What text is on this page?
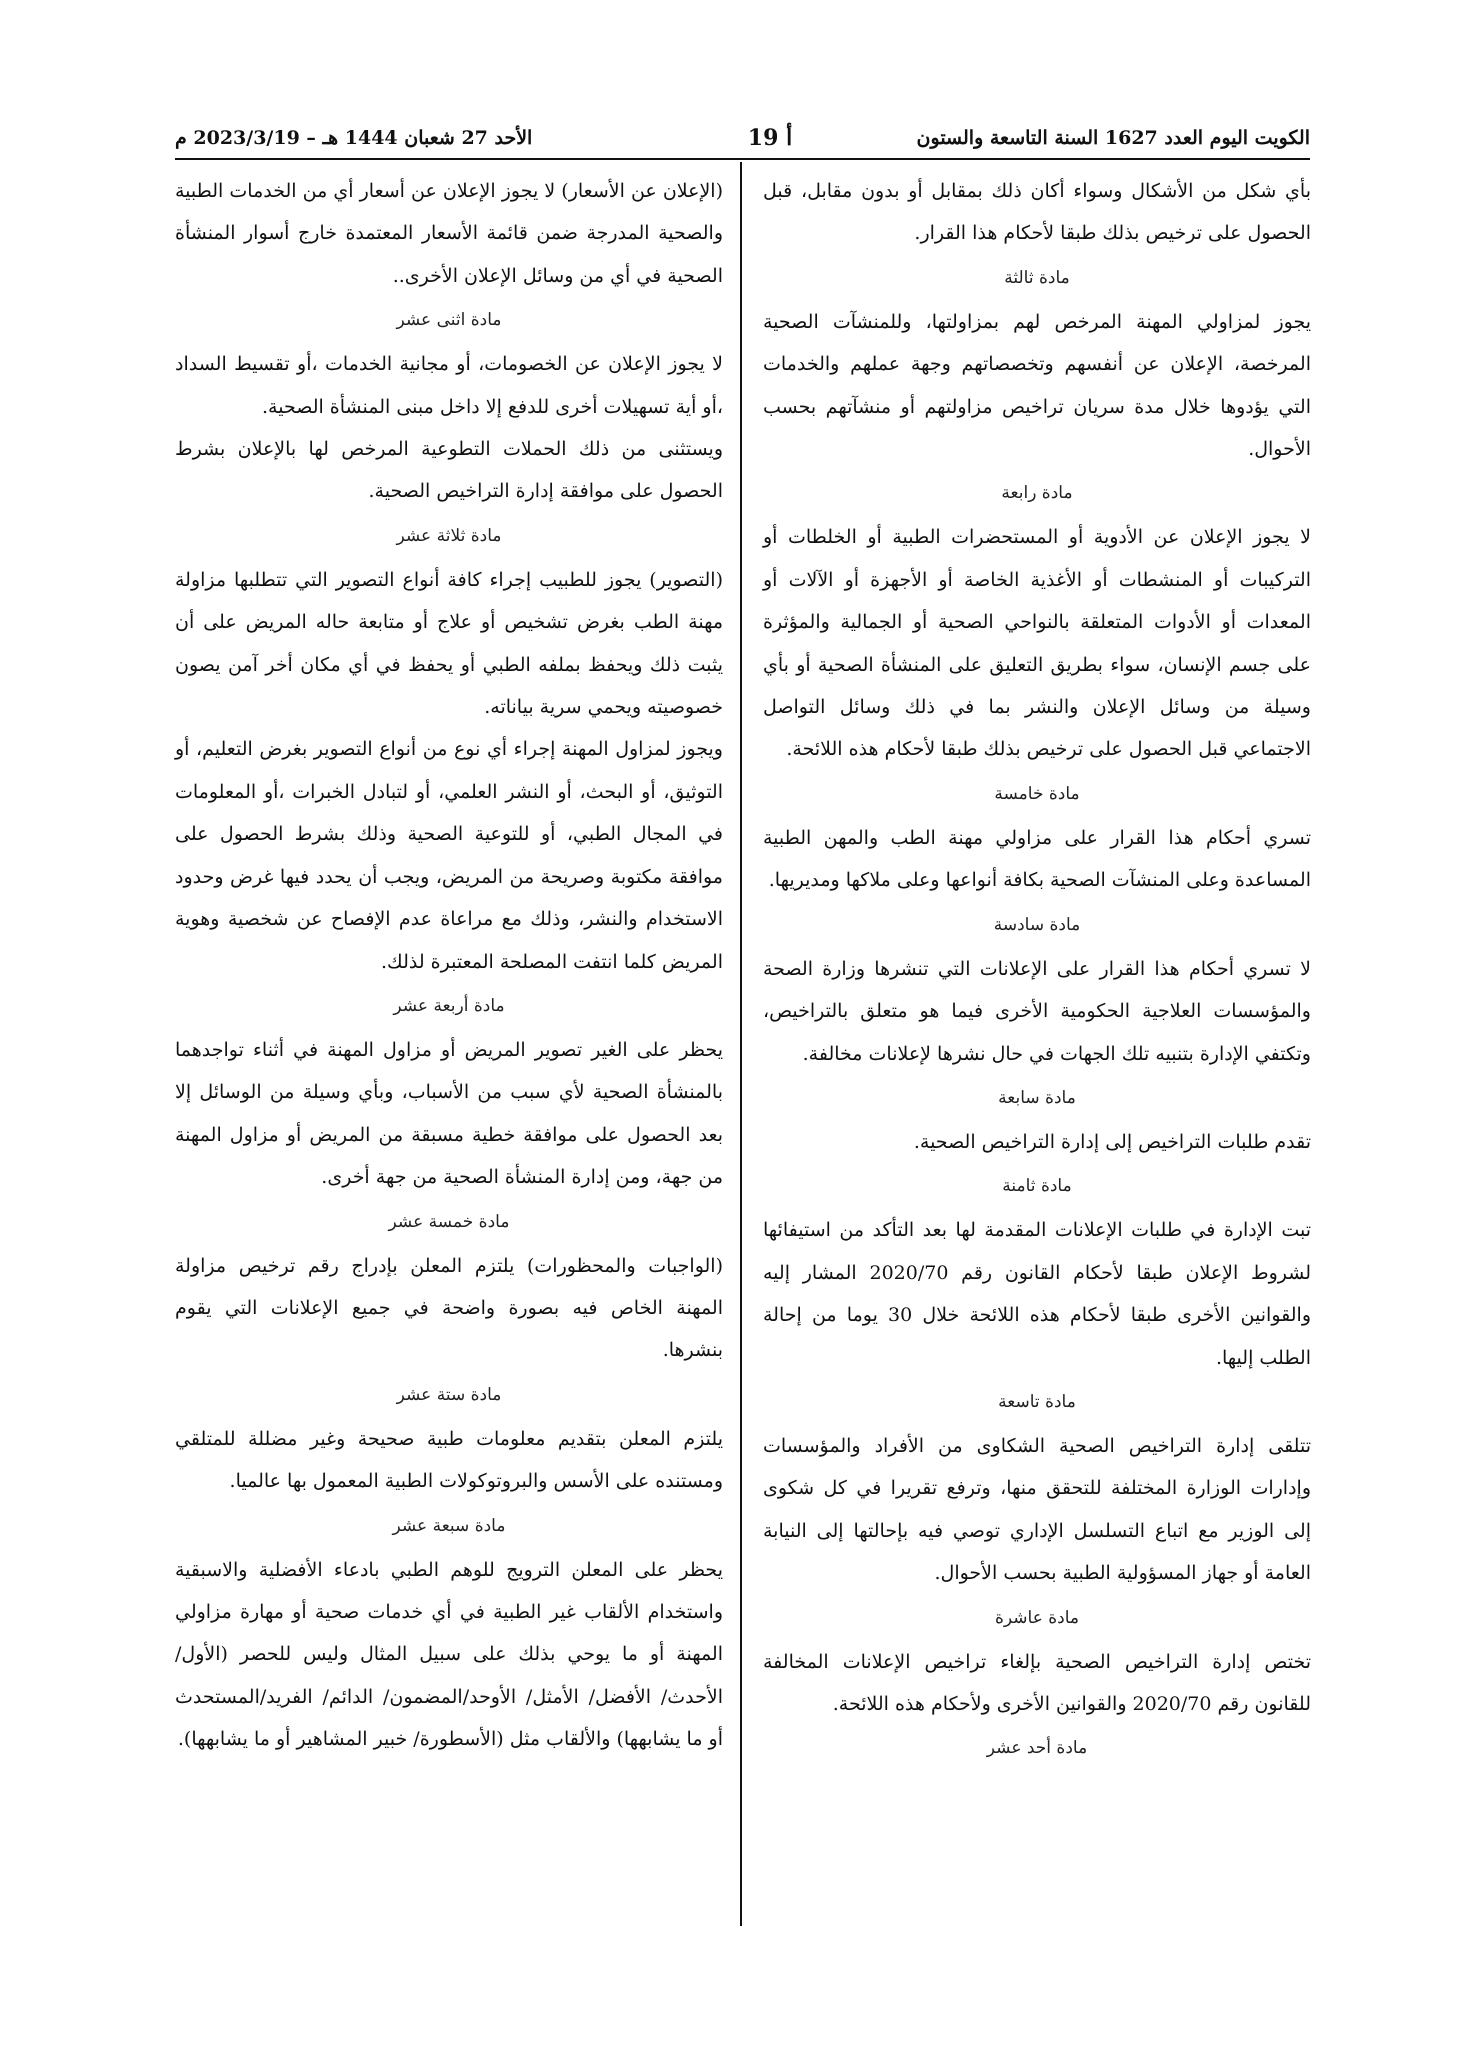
الكويت اليوم العدد 1627 السنة التاسعة والستون
أ 19
الأحد 27 شعبان 1444 هـ – 2023/3/19 م

بأي شكل من الأشكال وسواء أكان ذلك بمقابل أو بدون مقابل، قبل الحصول على ترخيص بذلك طبقا لأحكام هذا القرار.

مادة ثالثة

يجوز لمزاولي المهنة المرخص لهم بمزاولتها، وللمنشآت الصحية المرخصة، الإعلان عن أنفسهم وتخصصاتهم وجهة عملهم والخدمات التي يؤدوها خلال مدة سريان تراخيص مزاولتهم أو منشآتهم بحسب الأحوال.

مادة رابعة

لا يجوز الإعلان عن الأدوية أو المستحضرات الطبية أو الخلطات أو التركيبات أو المنشطات أو الأغذية الخاصة أو الأجهزة أو الآلات أو المعدات أو الأدوات المتعلقة بالنواحي الصحية أو الجمالية والمؤثرة على جسم الإنسان، سواء بطريق التعليق على المنشأة الصحية أو بأي وسيلة من وسائل الإعلان والنشر بما في ذلك وسائل التواصل الاجتماعي قبل الحصول على ترخيص بذلك طبقا لأحكام هذه اللائحة.

مادة خامسة

تسري أحكام هذا القرار على مزاولي مهنة الطب والمهن الطبية المساعدة وعلى المنشآت الصحية بكافة أنواعها وعلى ملاكها ومديريها.

مادة سادسة

لا تسري أحكام هذا القرار على الإعلانات التي تنشرها وزارة الصحة والمؤسسات العلاجية الحكومية الأخرى فيما هو متعلق بالتراخيص، وتكتفي الإدارة بتنبيه تلك الجهات في حال نشرها لإعلانات مخالفة.

مادة سابعة

تقدم طلبات التراخيص إلى إدارة التراخيص الصحية.

مادة ثامنة

تبت الإدارة في طلبات الإعلانات المقدمة لها بعد التأكد من استيفائها لشروط الإعلان طبقا لأحكام القانون رقم 2020/70 المشار إليه والقوانين الأخرى طبقا لأحكام هذه اللائحة خلال 30 يوما من إحالة الطلب إليها.

مادة تاسعة

تتلقى إدارة التراخيص الصحية الشكاوى من الأفراد والمؤسسات وإدارات الوزارة المختلفة للتحقق منها، وترفع تقريرا في كل شكوى إلى الوزير مع اتباع التسلسل الإداري توصي فيه بإحالتها إلى النيابة العامة أو جهاز المسؤولية الطبية بحسب الأحوال.

مادة عاشرة

تختص إدارة التراخيص الصحية بإلغاء تراخيص الإعلانات المخالفة للقانون رقم 2020/70 والقوانين الأخرى ولأحكام هذه اللائحة.

مادة أحد عشر

(الإعلان عن الأسعار) لا يجوز الإعلان عن أسعار أي من الخدمات الطبية والصحية المدرجة ضمن قائمة الأسعار المعتمدة خارج أسوار المنشأة الصحية في أي من وسائل الإعلان الأخرى..

مادة اثنى عشر

لا يجوز الإعلان عن الخصومات، أو مجانية الخدمات ،أو تقسيط السداد ،أو أية تسهيلات أخرى للدفع إلا داخل مبنى المنشأة الصحية.

ويستثنى من ذلك الحملات التطوعية المرخص لها بالإعلان بشرط الحصول على موافقة إدارة التراخيص الصحية.

مادة ثلاثة عشر

(التصوير) يجوز للطبيب إجراء كافة أنواع التصوير التي تتطلبها مزاولة مهنة الطب بغرض تشخيص أو علاج أو متابعة حاله المريض على أن يثبت ذلك ويحفظ بملفه الطبي أو يحفظ في أي مكان أخر آمن يصون خصوصيته ويحمي سرية بياناته.

ويجوز لمزاول المهنة إجراء أي نوع من أنواع التصوير بغرض التعليم، أو التوثيق، أو البحث، أو النشر العلمي، أو لتبادل الخبرات ،أو المعلومات في المجال الطبي، أو للتوعية الصحية وذلك بشرط الحصول على موافقة مكتوبة وصريحة من المريض، ويجب أن يحدد فيها غرض وحدود الاستخدام والنشر، وذلك مع مراعاة عدم الإفصاح عن شخصية وهوية المريض كلما انتفت المصلحة المعتبرة لذلك.

مادة أربعة عشر

يحظر على الغير تصوير المريض أو مزاول المهنة في أثناء تواجدهما بالمنشأة الصحية لأي سبب من الأسباب، وبأي وسيلة من الوسائل إلا بعد الحصول على موافقة خطية مسبقة من المريض أو مزاول المهنة من جهة، ومن إدارة المنشأة الصحية من جهة أخرى.

مادة خمسة عشر

(الواجبات والمحظورات) يلتزم المعلن بإدراج رقم ترخيص مزاولة المهنة الخاص فيه بصورة واضحة في جميع الإعلانات التي يقوم بنشرها.

مادة ستة عشر

يلتزم المعلن بتقديم معلومات طبية صحيحة وغير مضللة للمتلقي ومستنده على الأسس والبروتوكولات الطبية المعمول بها عالميا.

مادة سبعة عشر

يحظر على المعلن الترويج للوهم الطبي بادعاء الأفضلية والاسبقية واستخدام الألقاب غير الطبية في أي خدمات صحية أو مهارة مزاولي المهنة أو ما يوحي بذلك على سبيل المثال وليس للحصر (الأول/الأحدث/ الأفضل/ الأمثل/ الأوحد/المضمون/ الدائم/ الفريد/المستحدث أو ما يشابهها) والألقاب مثل (الأسطورة/ خبير المشاهير أو ما يشابهها).
